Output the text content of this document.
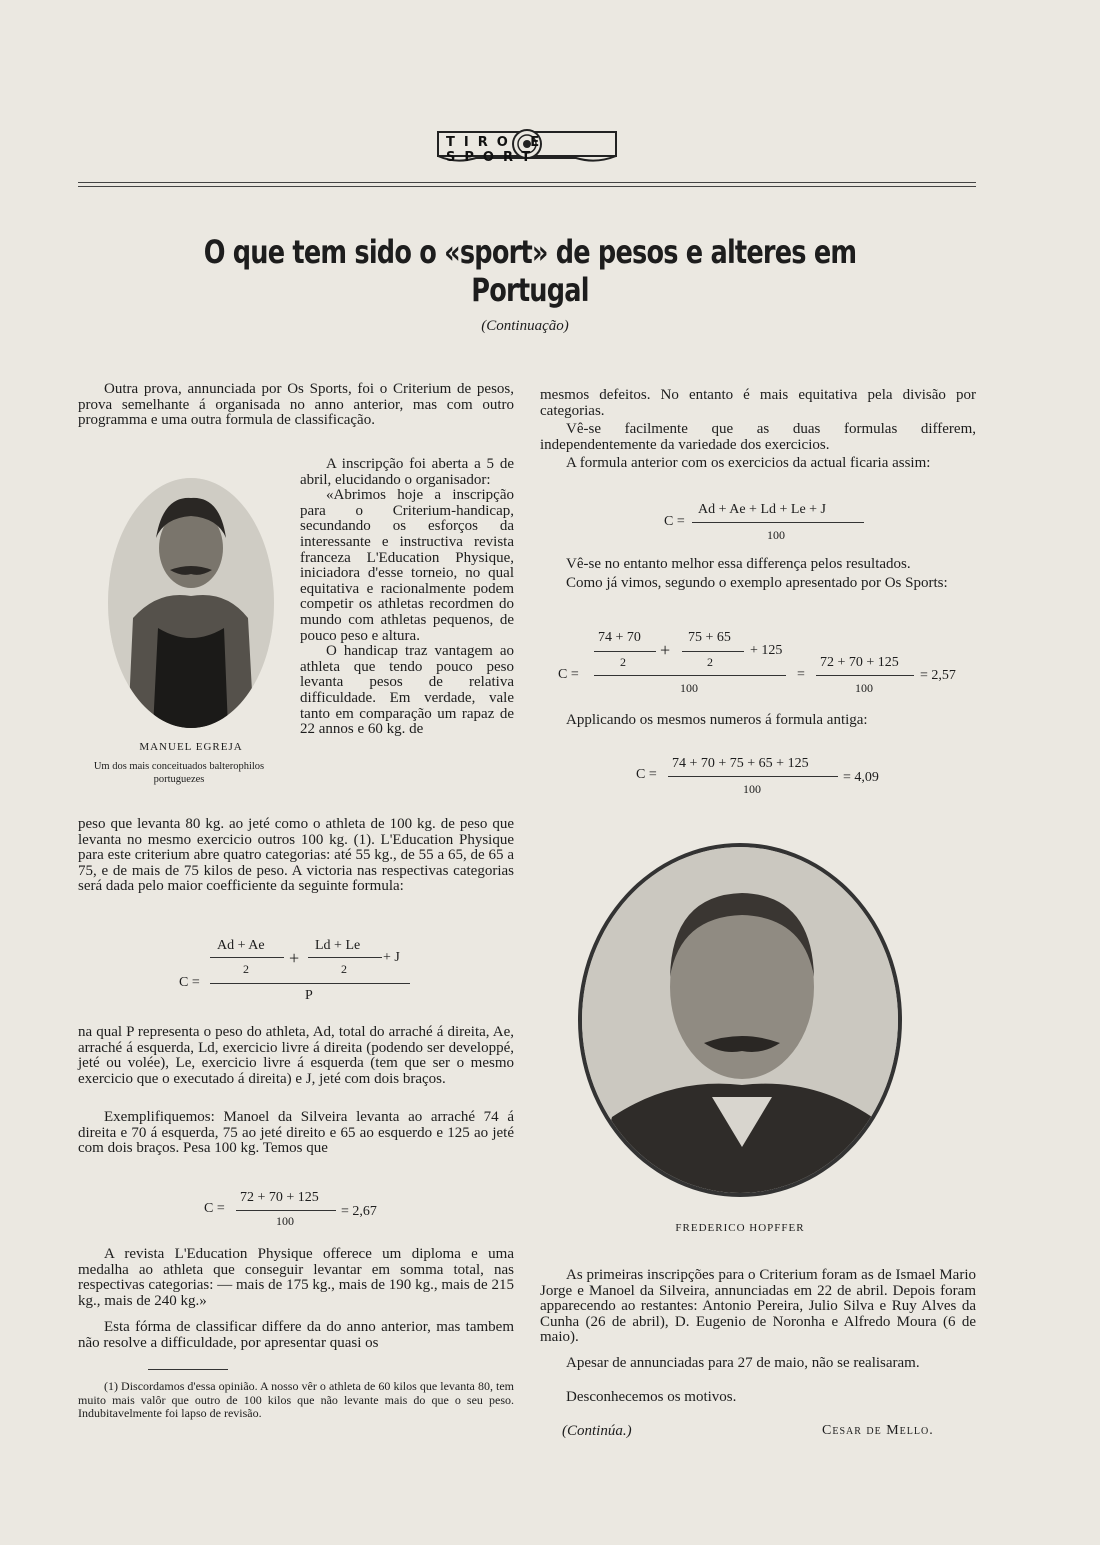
TIRO E SPORT
O que tem sido o «sport» de pesos e alteres em Portugal
(Continuação)

Outra prova, annunciada por Os Sports, foi o Criterium de pesos, prova semelhante á organisada no anno anterior, mas com outro programma e uma outra formula de classificação.

A inscripção foi aberta a 5 de abril, elucidando o organisador:

«Abrimos hoje a inscripção para o Criterium-handicap, secundando os esforços da interessante e instructiva revista franceza L'Education Physique, iniciadora d'esse torneio, no qual equitativa e racionalmente podem competir os athletas recordmen do mundo com athletas pequenos, de pouco peso e altura.

O handicap traz vantagem ao athleta que tendo pouco peso levanta pesos de relativa difficuldade. Em verdade, vale tanto em comparação um rapaz de 22 annos e 60 kg. de

MANUEL EGREJA
Um dos mais conceituados balterophilos portuguezes

peso que levanta 80 kg. ao jeté como o athleta de 100 kg. de peso que levanta no mesmo exercicio outros 100 kg. (1). L'Education Physique para este criterium abre quatro categorias: até 55 kg., de 55 a 65, de 65 a 75, e de mais de 75 kilos de peso. A victoria nas respectivas categorias será dada pelo maior coefficiente da seguinte formula:

Ad + Ae
2
+
Ld + Le
2
+ J
C =
P

na qual P representa o peso do athleta, Ad, total do arraché á direita, Ae, arraché á esquerda, Ld, exercicio livre á direita (podendo ser developpé, jeté ou volée), Le, exercicio livre á esquerda (tem que ser o mesmo exercicio que o executado á direita) e J, jeté com dois braços.

Exemplifiquemos: Manoel da Silveira levanta ao arraché 74 á direita e 70 á esquerda, 75 ao jeté direito e 65 ao esquerdo e 125 ao jeté com dois braços. Pesa 100 kg. Temos que

C =
72 + 70 + 125
100
= 2,67

A revista L'Education Physique offerece um diploma e uma medalha ao athleta que conseguir levantar em somma total, nas respectivas categorias: — mais de 175 kg., mais de 190 kg., mais de 215 kg., mais de 240 kg.»

Esta fórma de classificar differe da do anno anterior, mas tambem não resolve a difficuldade, por apresentar quasi os

(1) Discordamos d'essa opinião. A nosso vêr o athleta de 60 kilos que levanta 80, tem muito mais valôr que outro de 100 kilos que não levante mais do que o seu peso. Indubitavelmente foi lapso de revisão.

mesmos defeitos. No entanto é mais equitativa pela divisão por categorias.

Vê-se facilmente que as duas formulas differem, independentemente da variedade dos exercicios.

A formula anterior com os exercicios da actual ficaria assim:

C =
Ad + Ae + Ld + Le + J
100

Vê-se no entanto melhor essa differença pelos resultados.

Como já vimos, segundo o exemplo apresentado por Os Sports:

74 + 70
2
+
75 + 65
2
+ 125
C =
100
=
72 + 70 + 125
100
= 2,57

Applicando os mesmos numeros á formula antiga:

C =
74 + 70 + 75 + 65 + 125
100
= 4,09
FREDERICO HOPFFER

As primeiras inscripções para o Criterium foram as de Ismael Mario Jorge e Manoel da Silveira, annunciadas em 22 de abril. Depois foram apparecendo ao restantes: Antonio Pereira, Julio Silva e Ruy Alves da Cunha (26 de abril), D. Eugenio de Noronha e Alfredo Moura (6 de maio).

Apesar de annunciadas para 27 de maio, não se realisaram.

Desconhecemos os motivos.

(Continúa.)	Cesar de Mello.
